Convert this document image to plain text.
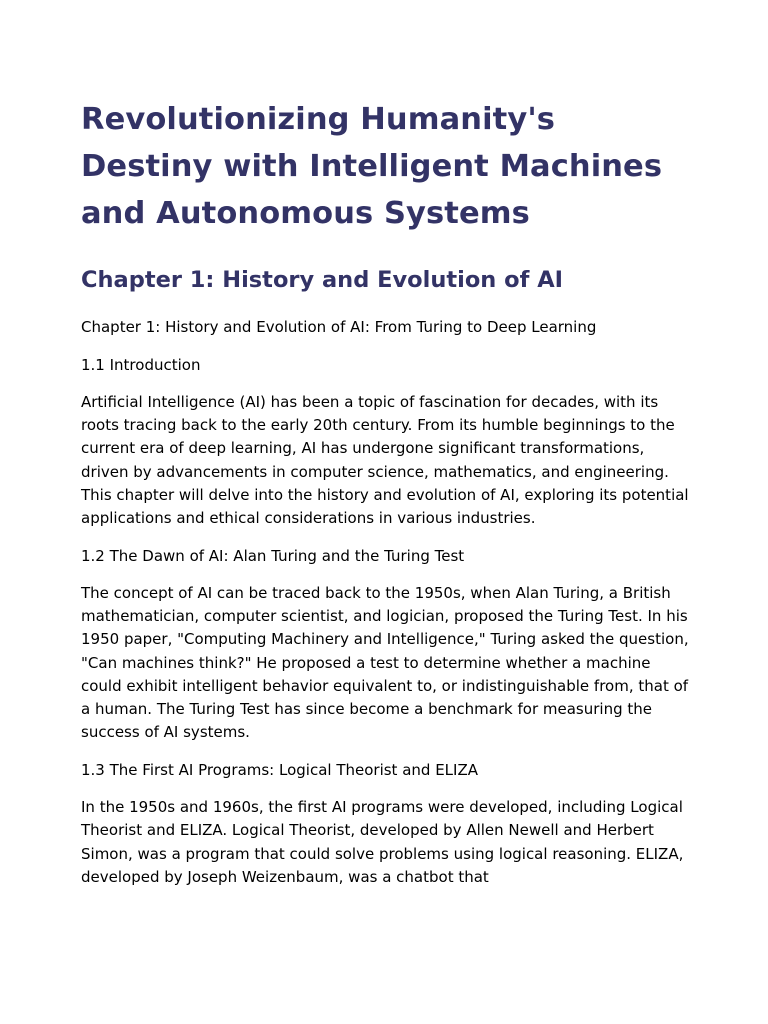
Revolutionizing Humanity's Destiny with Intelligent Machines and Autonomous Systems
Chapter 1: History and Evolution of AI

Chapter 1: History and Evolution of AI: From Turing to Deep Learning

1.1 Introduction

Artificial Intelligence (AI) has been a topic of fascination for decades, with its roots tracing back to the early 20th century. From its humble beginnings to the current era of deep learning, AI has undergone significant transformations, driven by advancements in computer science, mathematics, and engineering. This chapter will delve into the history and evolution of AI, exploring its potential applications and ethical considerations in various industries.

1.2 The Dawn of AI: Alan Turing and the Turing Test

The concept of AI can be traced back to the 1950s, when Alan Turing, a British mathematician, computer scientist, and logician, proposed the Turing Test. In his 1950 paper, "Computing Machinery and Intelligence," Turing asked the question, "Can machines think?" He proposed a test to determine whether a machine could exhibit intelligent behavior equivalent to, or indistinguishable from, that of a human. The Turing Test has since become a benchmark for measuring the success of AI systems.

1.3 The First AI Programs: Logical Theorist and ELIZA

In the 1950s and 1960s, the first AI programs were developed, including Logical Theorist and ELIZA. Logical Theorist, developed by Allen Newell and Herbert Simon, was a program that could solve problems using logical reasoning. ELIZA, developed by Joseph Weizenbaum, was a chatbot that
